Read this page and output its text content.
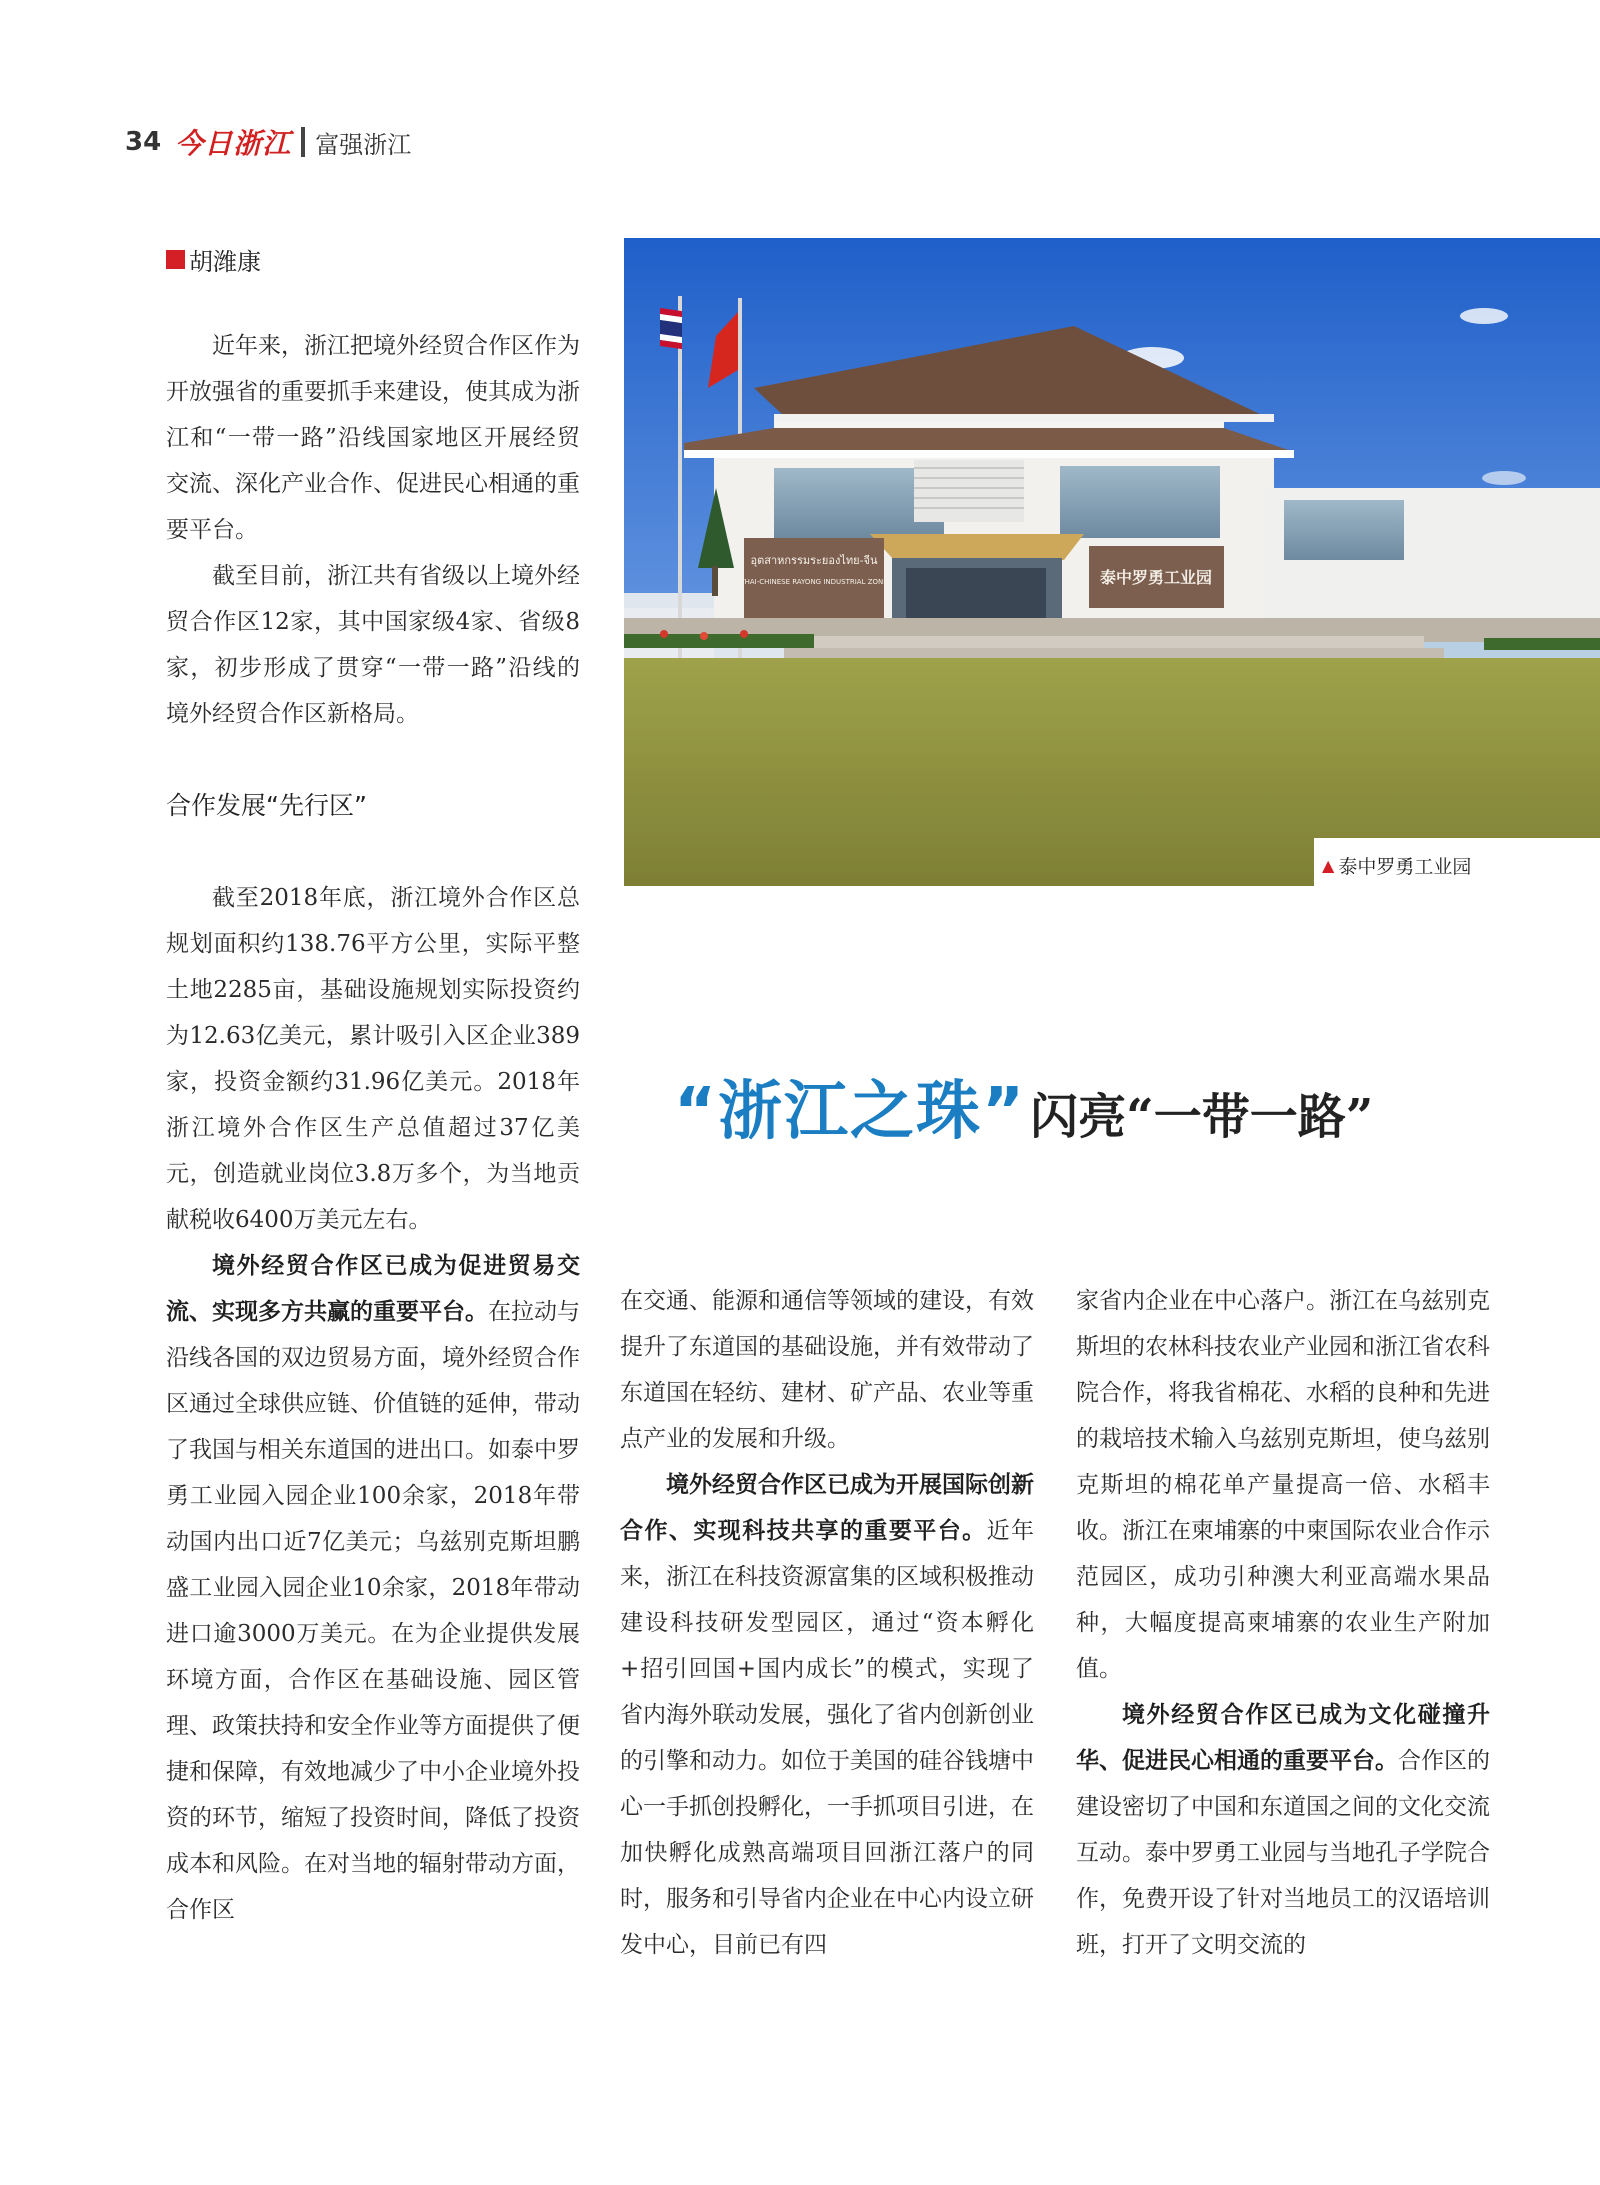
34 今日浙江 富强浙江
胡潍康

近年来，浙江把境外经贸合作区作为开放强省的重要抓手来建设，使其成为浙江和“一带一路”沿线国家地区开展经贸交流、深化产业合作、促进民心相通的重要平台。

截至目前，浙江共有省级以上境外经贸合作区12家，其中国家级4家、省级8家，初步形成了贯穿“一带一路”沿线的境外经贸合作区新格局。

合作发展“先行区”

截至2018年底，浙江境外合作区总规划面积约138.76平方公里，实际平整土地2285亩，基础设施规划实际投资约为12.63亿美元，累计吸引入区企业389家，投资金额约31.96亿美元。2018年浙江境外合作区生产总值超过37亿美元，创造就业岗位3.8万多个，为当地贡献税收6400万美元左右。

境外经贸合作区已成为促进贸易交流、实现多方共赢的重要平台。在拉动与沿线各国的双边贸易方面，境外经贸合作区通过全球供应链、价值链的延伸，带动了我国与相关东道国的进出口。如泰中罗勇工业园入园企业100余家，2018年带动国内出口近7亿美元；乌兹别克斯坦鹏盛工业园入园企业10余家，2018年带动进口逾3000万美元。在为企业提供发展环境方面，合作区在基础设施、园区管理、政策扶持和安全作业等方面提供了便捷和保障，有效地减少了中小企业境外投资的环节，缩短了投资时间，降低了投资成本和风险。在对当地的辐射带动方面，合作区

อุตสาหกรรมระยองไทย-จีน
THAI-CHINESE RAYONG INDUSTRIAL ZONE	泰中罗勇工业园
▲ 泰中罗勇工业园
“浙江之珠” 闪亮“一带一路”

在交通、能源和通信等领域的建设，有效提升了东道国的基础设施，并有效带动了东道国在轻纺、建材、矿产品、农业等重点产业的发展和升级。

境外经贸合作区已成为开展国际创新合作、实现科技共享的重要平台。近年来，浙江在科技资源富集的区域积极推动建设科技研发型园区，通过“资本孵化+招引回国+国内成长”的模式，实现了省内海外联动发展，强化了省内创新创业的引擎和动力。如位于美国的硅谷钱塘中心一手抓创投孵化，一手抓项目引进，在加快孵化成熟高端项目回浙江落户的同时，服务和引导省内企业在中心内设立研发中心，目前已有四

家省内企业在中心落户。浙江在乌兹别克斯坦的农林科技农业产业园和浙江省农科院合作，将我省棉花、水稻的良种和先进的栽培技术输入乌兹别克斯坦，使乌兹别克斯坦的棉花单产量提高一倍、水稻丰收。浙江在柬埔寨的中柬国际农业合作示范园区，成功引种澳大利亚高端水果品种，大幅度提高柬埔寨的农业生产附加值。

境外经贸合作区已成为文化碰撞升华、促进民心相通的重要平台。合作区的建设密切了中国和东道国之间的文化交流互动。泰中罗勇工业园与当地孔子学院合作，免费开设了针对当地员工的汉语培训班，打开了文明交流的
